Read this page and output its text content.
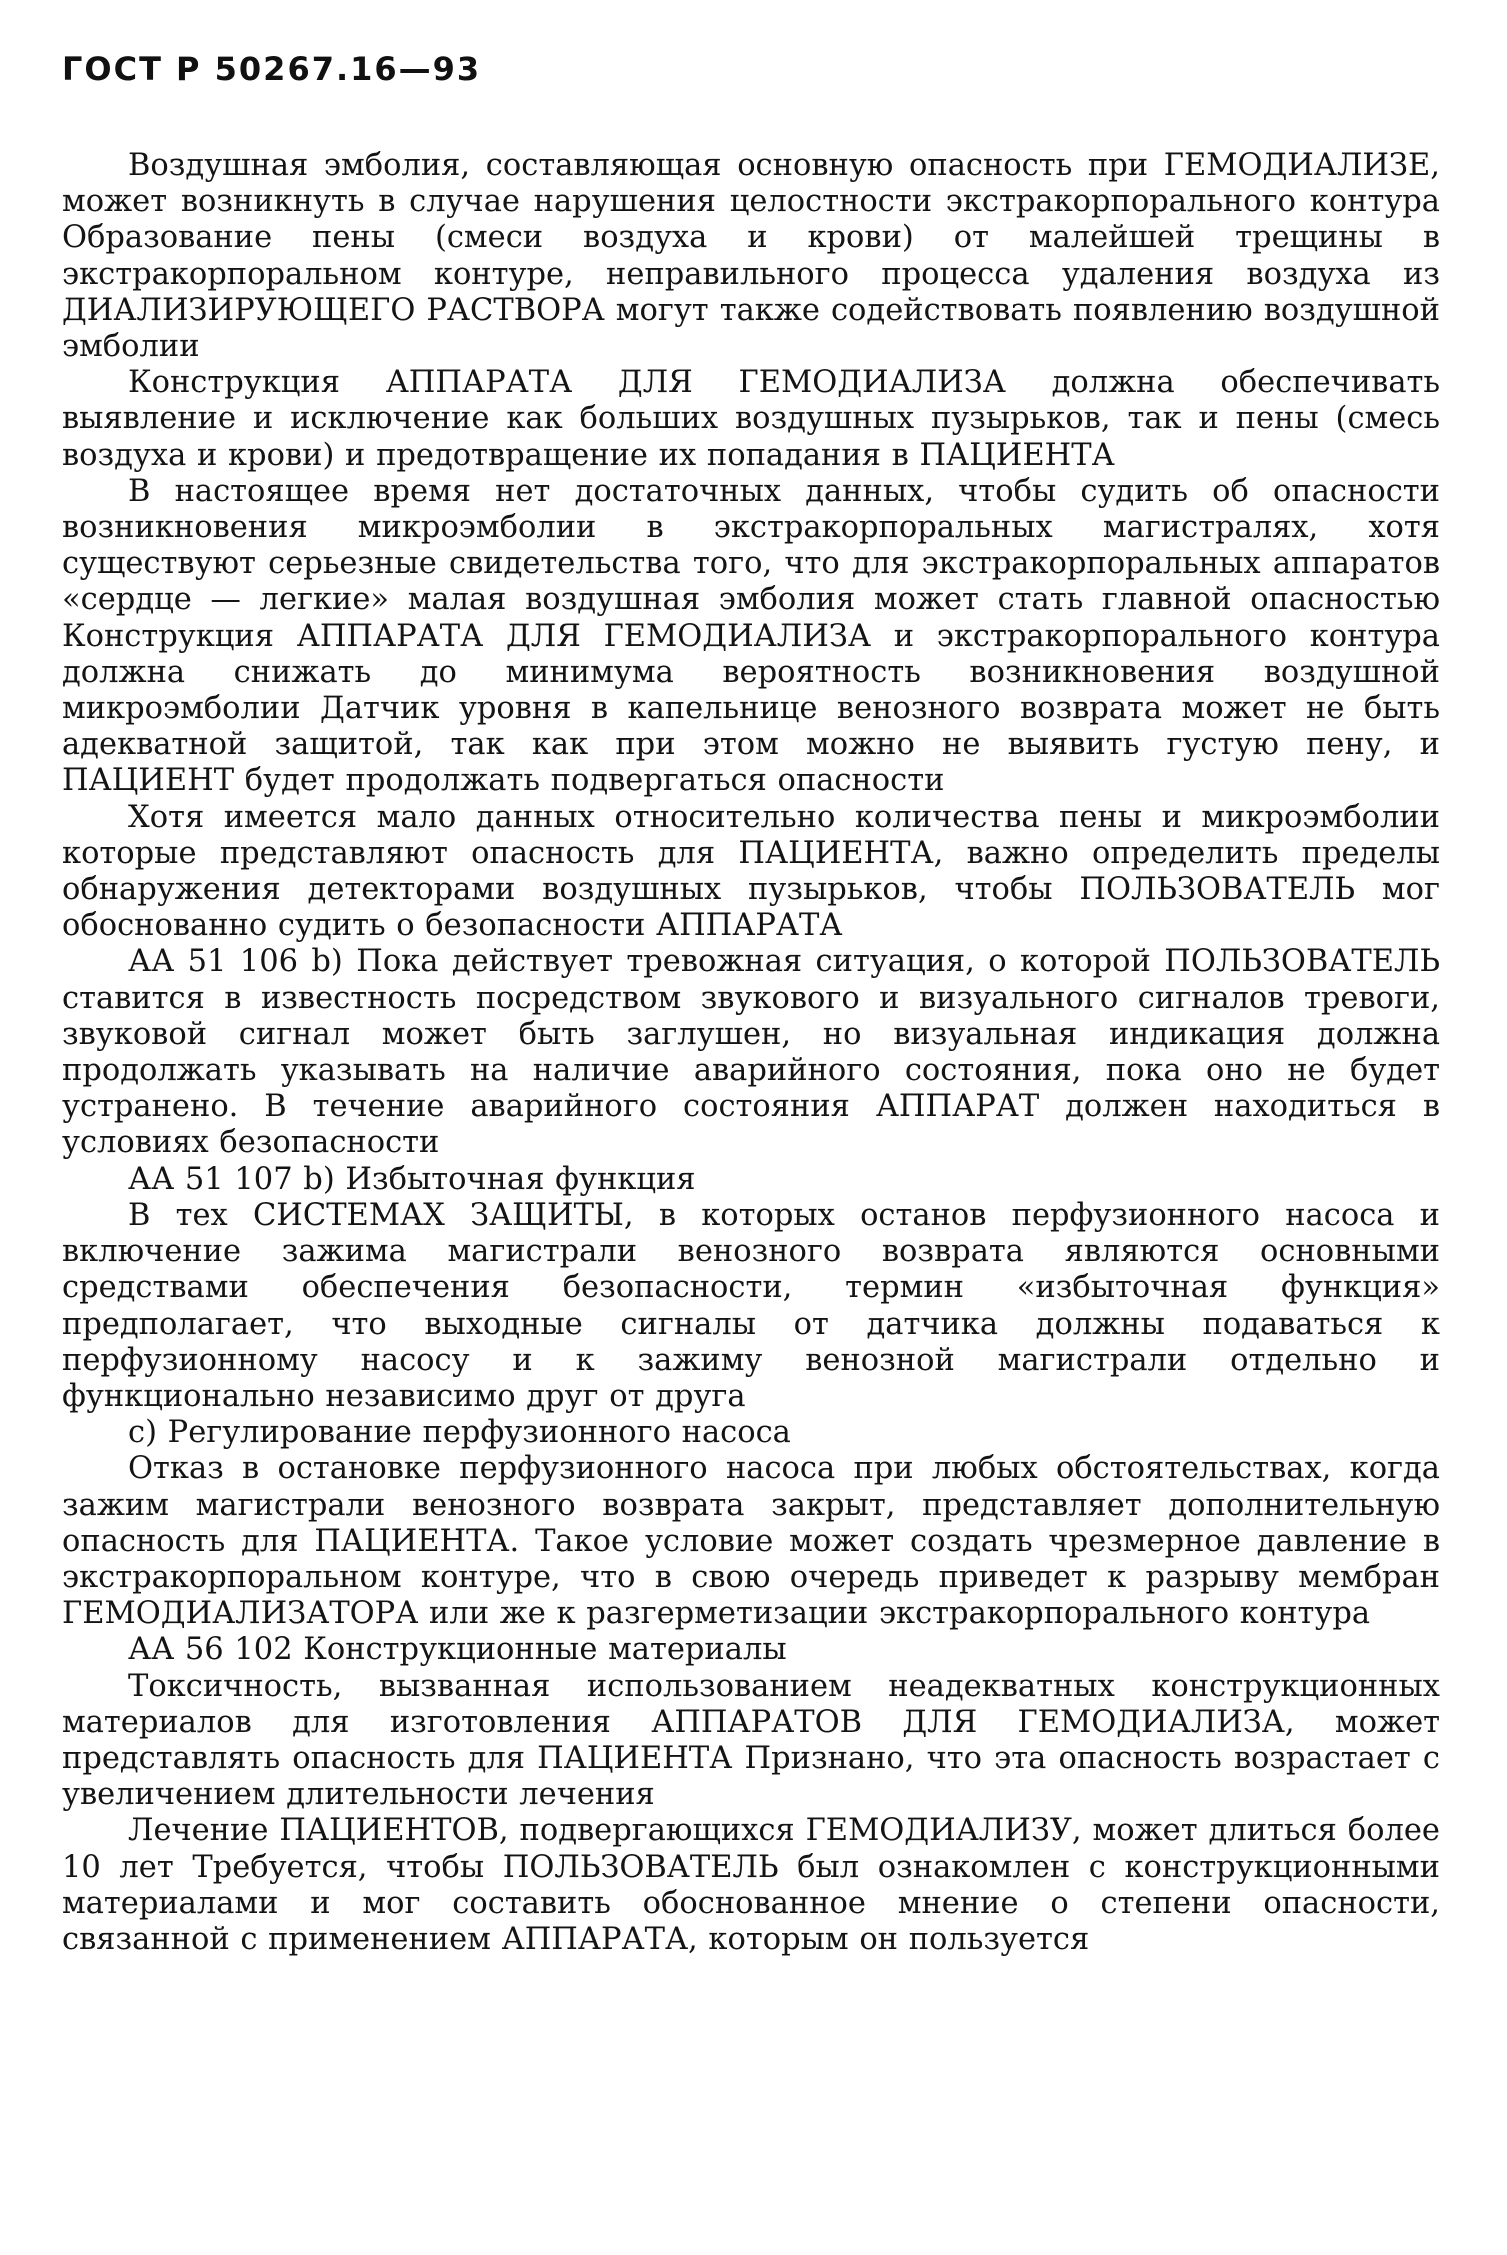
ГОСТ Р 50267.16—93

Воздушная эмболия, составляющая основную опасность при ГЕМОДИАЛИЗЕ, может возникнуть в случае нарушения целостности экстракорпорального контура Образование пены (смеси воздуха и крови) от малейшей трещины в экстракорпоральном контуре, неправильного процесса удаления воздуха из ДИАЛИЗИРУЮЩЕГО РАСТВОРА могут также содействовать появлению воздушной эмболии

Конструкция АППАРАТА ДЛЯ ГЕМОДИАЛИЗА должна обеспечивать выявление и исключение как больших воздушных пузырьков, так и пены (смесь воздуха и крови) и предотвращение их попадания в ПАЦИЕНТА

В настоящее время нет достаточных данных, чтобы судить об опасности возникновения микроэмболии в экстракорпоральных магистралях, хотя существуют серьезные свидетельства того, что для экстракорпоральных аппаратов «сердце — легкие» малая воздушная эмболия может стать главной опасностью Конструкция АППАРАТА ДЛЯ ГЕМОДИАЛИЗА и экстракорпорального контура должна снижать до минимума вероятность возникновения воздушной микроэмболии Датчик уровня в капельнице венозного возврата может не быть адекватной защитой, так как при этом можно не выявить густую пену, и ПАЦИЕНТ будет продолжать подвергаться опасности

Хотя имеется мало данных относительно количества пены и микроэмболии которые представляют опасность для ПАЦИЕНТА, важно определить пределы обнаружения детекторами воздушных пузырьков, чтобы ПОЛЬЗОВАТЕЛЬ мог обоснованно судить о безопасности АППАРАТА

АА 51 106 b) Пока действует тревожная ситуация, о которой ПОЛЬЗОВАТЕЛЬ ставится в известность посредством звукового и визуального сигналов тревоги, звуковой сигнал может быть заглушен, но визуальная индикация должна продолжать указывать на наличие аварийного состояния, пока оно не будет устранено. В течение аварийного состояния АППАРАТ должен находиться в условиях безопасности

АА 51 107 b) Избыточная функция

В тех СИСТЕМАХ ЗАЩИТЫ, в которых останов перфузионного насоса и включение зажима магистрали венозного возврата являются основными средствами обеспечения безопасности, термин «избыточная функция» предполагает, что выходные сигналы от датчика должны подаваться к перфузионному насосу и к зажиму венозной магистрали отдельно и функционально независимо друг от друга

c) Регулирование перфузионного насоса

Отказ в остановке перфузионного насоса при любых обстоятельствах, когда зажим магистрали венозного возврата закрыт, представляет дополнительную опасность для ПАЦИЕНТА. Такое условие может создать чрезмерное давление в экстракорпоральном контуре, что в свою очередь приведет к разрыву мембран ГЕМОДИАЛИЗАТОРА или же к разгерметизации экстракорпорального контура

АА 56 102 Конструкционные материалы

Токсичность, вызванная использованием неадекватных конструкционных материалов для изготовления АППАРАТОВ ДЛЯ ГЕМОДИАЛИЗА, может представлять опасность для ПАЦИЕНТА Признано, что эта опасность возрастает с увеличением длительности лечения

Лечение ПАЦИЕНТОВ, подвергающихся ГЕМОДИАЛИЗУ, может длиться более 10 лет Требуется, чтобы ПОЛЬЗОВАТЕЛЬ был ознакомлен с конструкционными материалами и мог составить обоснованное мнение о степени опасности, связанной с применением АППАРАТА, которым он пользуется
